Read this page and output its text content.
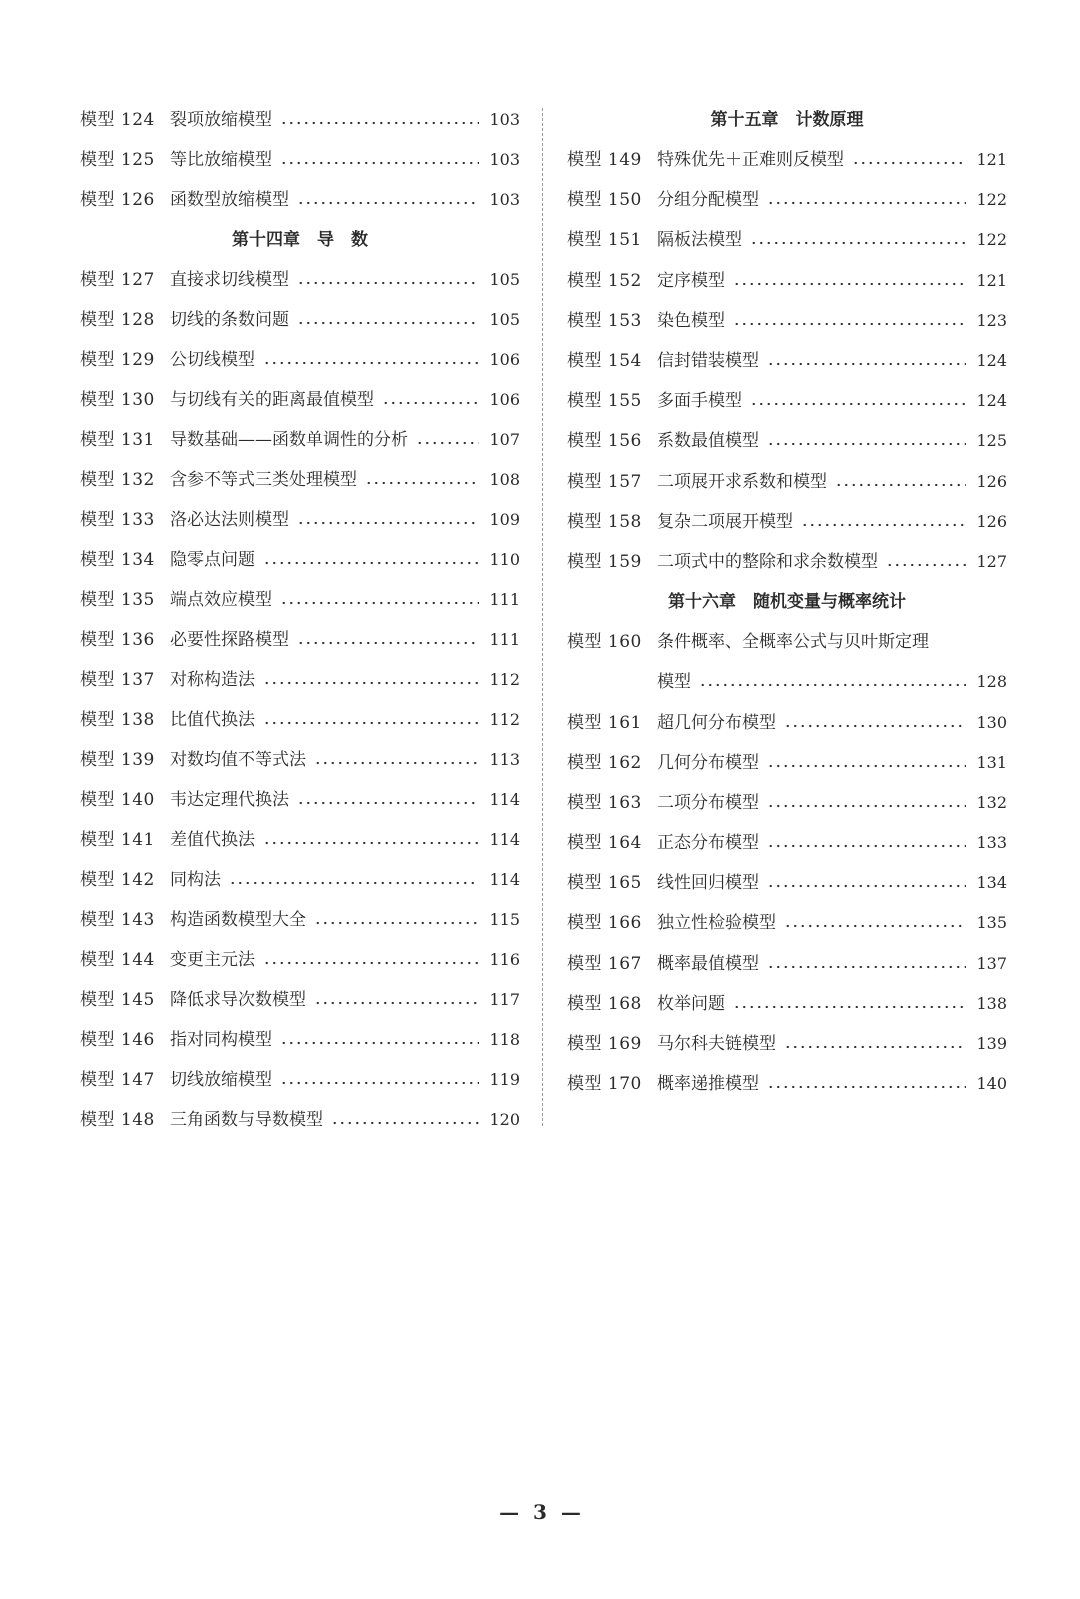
模型 124 裂项放缩模型	103
模型 125 等比放缩模型	103
模型 126 函数型放缩模型	103
第十四章　导　数
模型 127 直接求切线模型	105
模型 128 切线的条数问题	105
模型 129 公切线模型	106
模型 130 与切线有关的距离最值模型	106
模型 131 导数基础——函数单调性的分析	107
模型 132 含参不等式三类处理模型	108
模型 133 洛必达法则模型	109
模型 134 隐零点问题	110
模型 135 端点效应模型	111
模型 136 必要性探路模型	111
模型 137 对称构造法	112
模型 138 比值代换法	112
模型 139 对数均值不等式法	113
模型 140 韦达定理代换法	114
模型 141 差值代换法	114
模型 142 同构法	114
模型 143 构造函数模型大全	115
模型 144 变更主元法	116
模型 145 降低求导次数模型	117
模型 146 指对同构模型	118
模型 147 切线放缩模型	119
模型 148 三角函数与导数模型	120
第十五章　计数原理
模型 149 特殊优先＋正难则反模型	121
模型 150 分组分配模型	122
模型 151 隔板法模型	122
模型 152 定序模型	121
模型 153 染色模型	123
模型 154 信封错装模型	124
模型 155 多面手模型	124
模型 156 系数最值模型	125
模型 157 二项展开求系数和模型	126
模型 158 复杂二项展开模型	126
模型 159 二项式中的整除和求余数模型	127
第十六章　随机变量与概率统计
模型 160 条件概率、全概率公式与贝叶斯定理
模型	128
模型 161 超几何分布模型	130
模型 162 几何分布模型	131
模型 163 二项分布模型	132
模型 164 正态分布模型	133
模型 165 线性回归模型	134
模型 166 独立性检验模型	135
模型 167 概率最值模型	137
模型 168 枚举问题	138
模型 169 马尔科夫链模型	139
模型 170 概率递推模型	140
—  3  —
